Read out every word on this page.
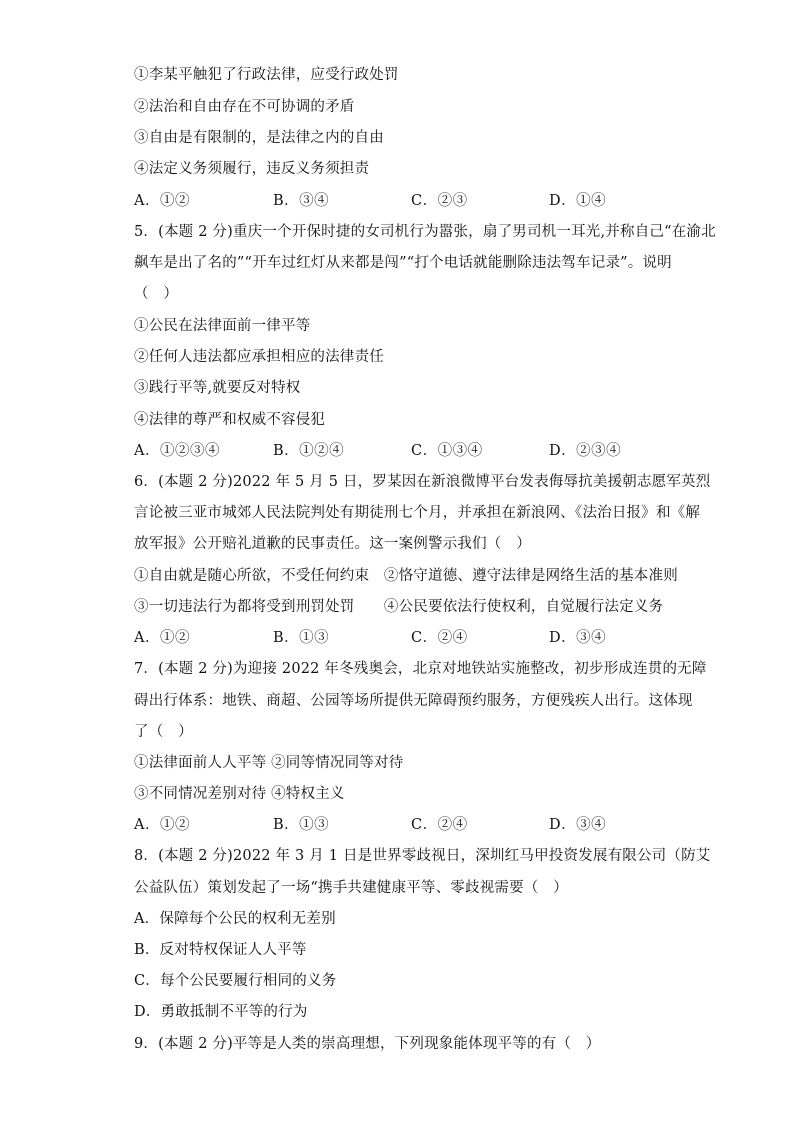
①李某平触犯了行政法律，应受行政处罚
②法治和自由存在不可协调的矛盾
③自由是有限制的，是法律之内的自由
④法定义务须履行，违反义务须担责
A．①②	B．③④	C．②③	D．①④
5．(本题 2 分)重庆一个开保时捷的女司机行为嚣张，扇了男司机一耳光,并称自己“在渝北
飙车是出了名的”“开车过红灯从来都是闯”“打个电话就能删除违法驾车记录”。说明
（　）
①公民在法律面前一律平等
②任何人违法都应承担相应的法律责任
③践行平等,就要反对特权
④法律的尊严和权威不容侵犯
A．①②③④	B．①②④	C．①③④	D．②③④
6．(本题 2 分)2022 年 5 月 5 日，罗某因在新浪微博平台发表侮辱抗美援朝志愿军英烈
言论被三亚市城郊人民法院判处有期徒刑七个月，并承担在新浪网、《法治日报》和《解
放军报》公开赔礼道歉的民事责任。这一案例警示我们（　）
①自由就是随心所欲，不受任何约束　②恪守道德、遵守法律是网络生活的基本准则
③一切违法行为都将受到刑罚处罚　　④公民要依法行使权利，自觉履行法定义务
A．①②	B．①③	C．②④	D．③④
7．(本题 2 分)为迎接 2022 年冬残奥会，北京对地铁站实施整改，初步形成连贯的无障
碍出行体系：地铁、商超、公园等场所提供无障碍预约服务，方便残疾人出行。这体现
了（　）
①法律面前人人平等 ②同等情况同等对待
③不同情况差别对待 ④特权主义
A．①②	B．①③	C．②④	D．③④
8．(本题 2 分)2022 年 3 月 1 日是世界零歧视日，深圳红马甲投资发展有限公司（防艾
公益队伍）策划发起了一场“携手共建健康平等、零歧视需要（　）
A．保障每个公民的权利无差别
B．反对特权保证人人平等
C．每个公民要履行相同的义务
D．勇敢抵制不平等的行为
9．(本题 2 分)平等是人类的崇高理想，下列现象能体现平等的有（　）
